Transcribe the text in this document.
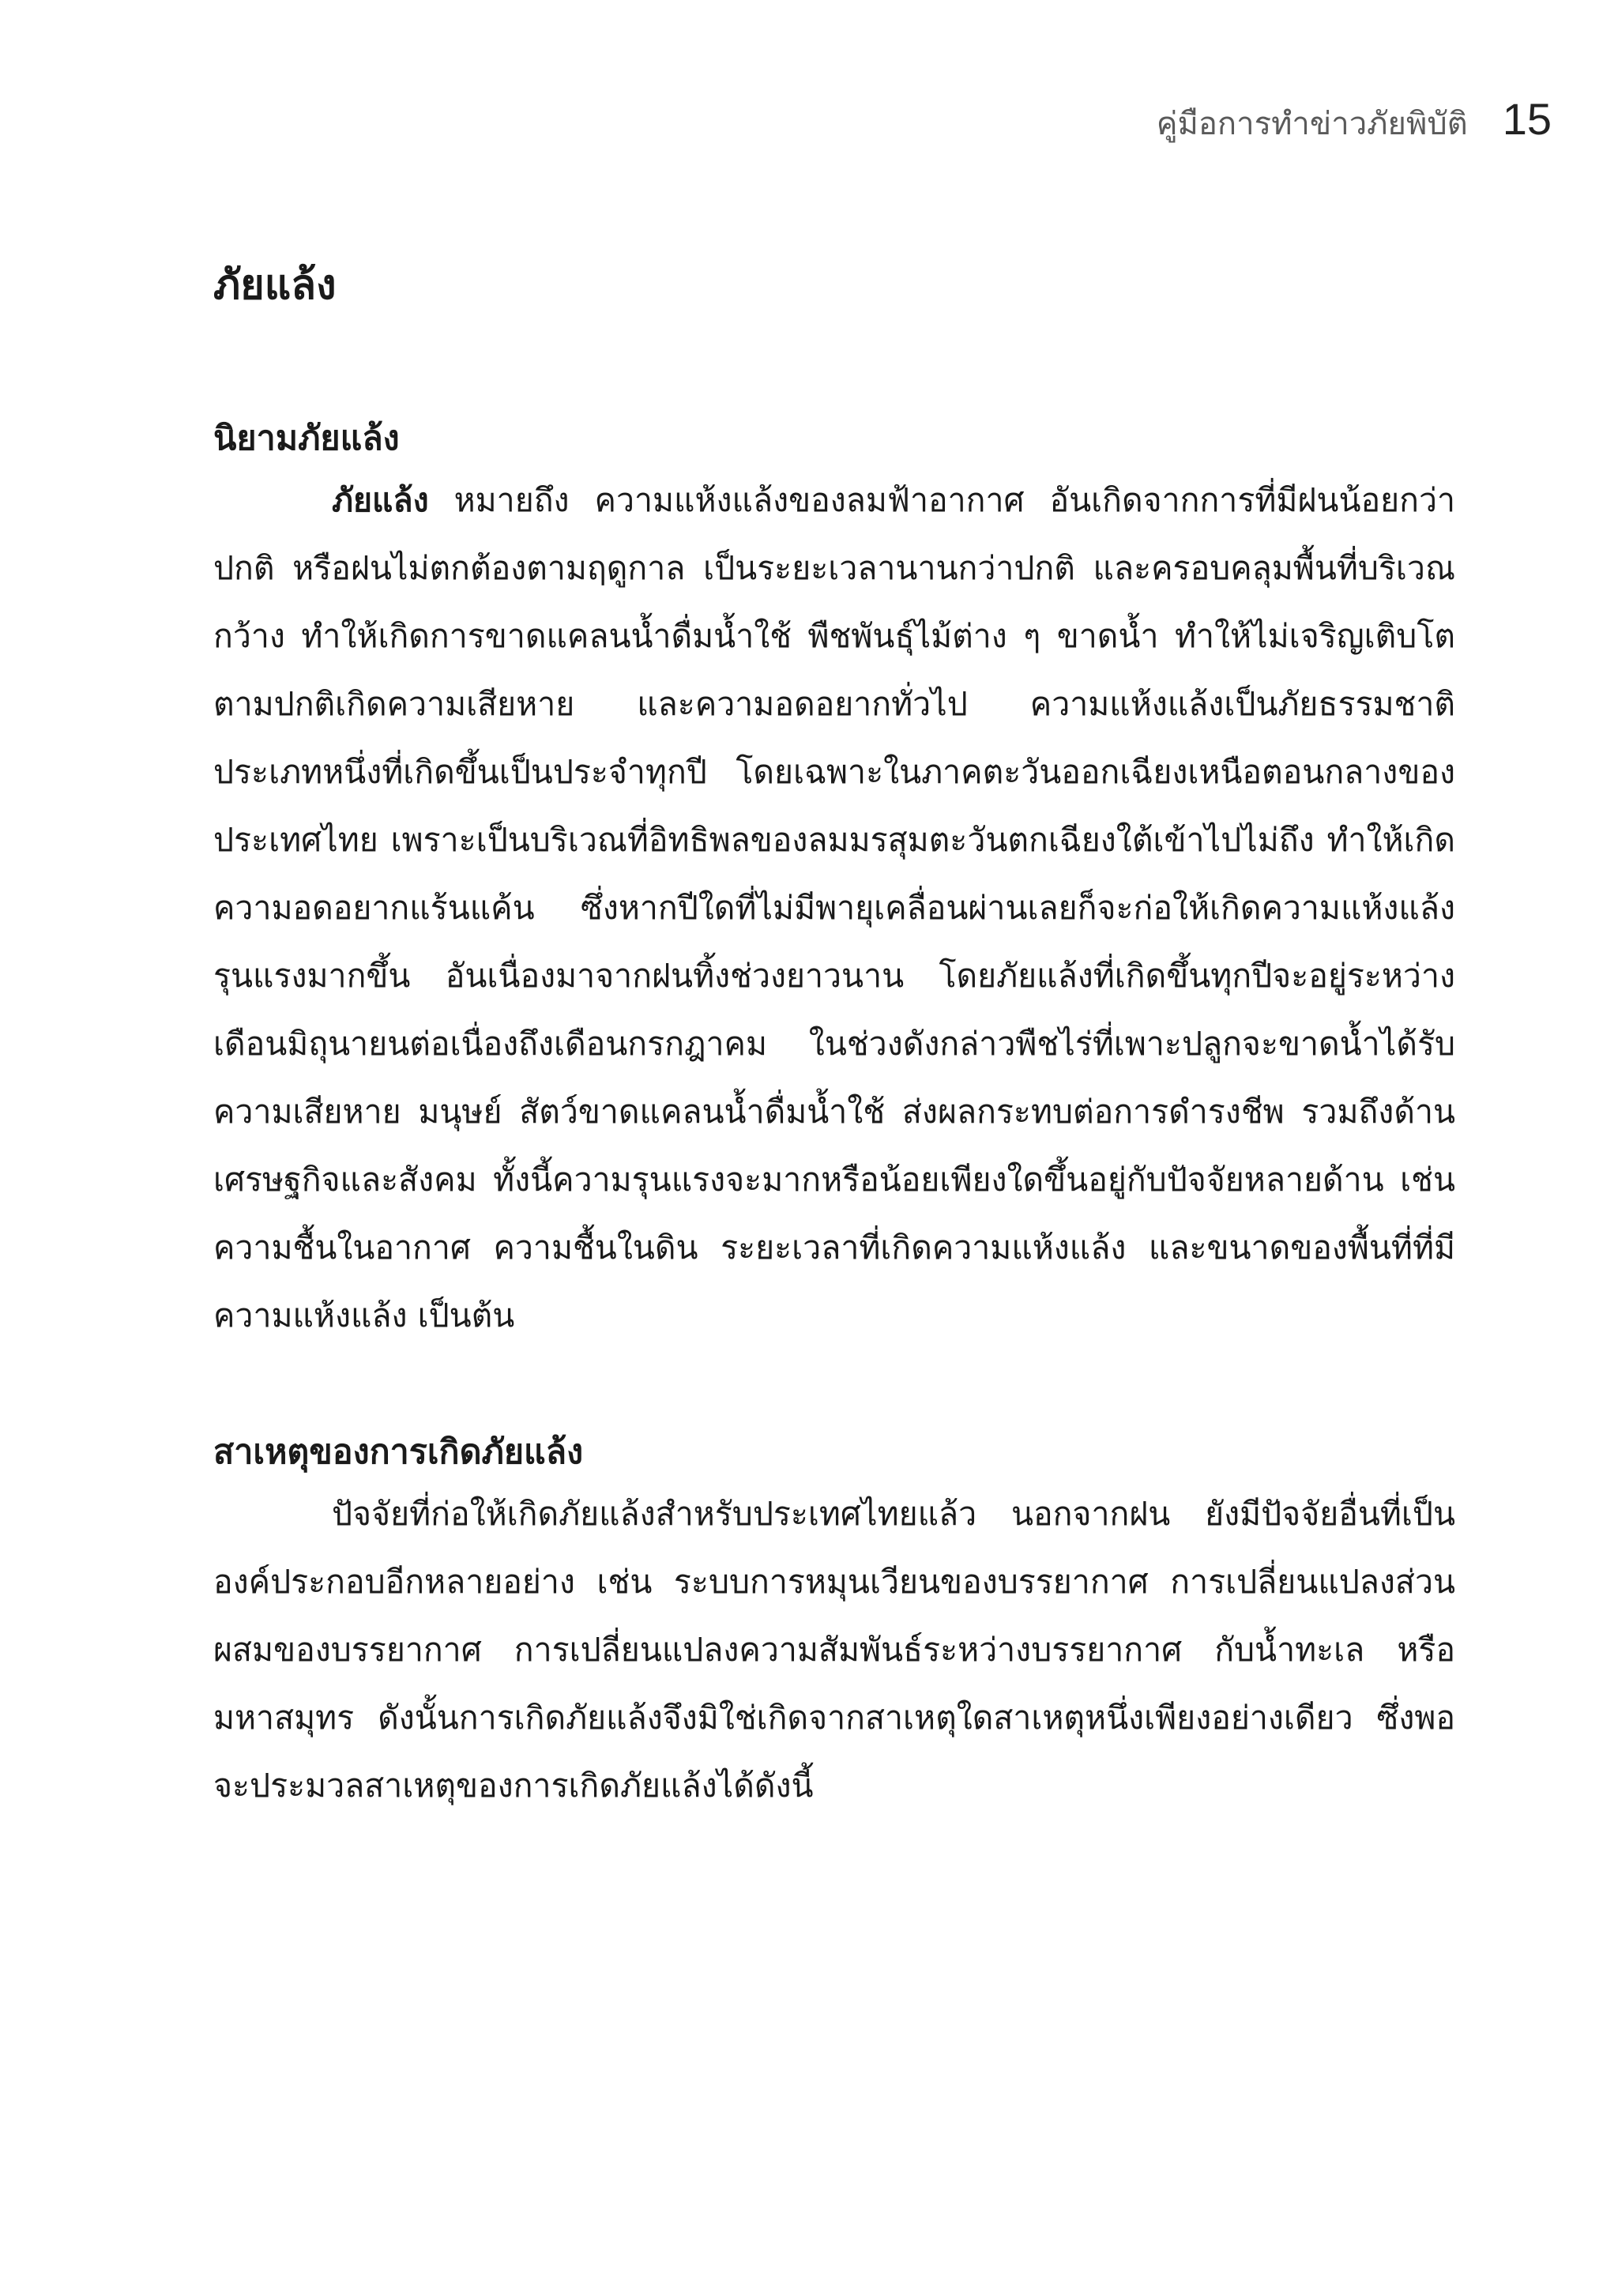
คู่มือการทำข่าวภัยพิบัติ 15
ภัยแล้ง
นิยามภัยแล้ง

ภัยแล้ง หมายถึง ความแห้งแล้งของลมฟ้าอากาศ อันเกิดจากการที่มีฝนน้อยกว่าปกติ หรือฝนไม่ตกต้องตามฤดูกาล เป็นระยะเวลานานกว่าปกติ และครอบคลุมพื้นที่บริเวณกว้าง ทำให้เกิดการขาดแคลนน้ำดื่มน้ำใช้ พืชพันธุ์ไม้ต่าง ๆ ขาดน้ำ ทำให้ไม่เจริญเติบโตตามปกติเกิดความเสียหาย และความอดอยากทั่วไป ความแห้งแล้งเป็นภัยธรรมชาติประเภทหนึ่งที่เกิดขึ้นเป็นประจำทุกปี โดยเฉพาะในภาคตะวันออกเฉียงเหนือตอนกลางของประเทศไทย เพราะเป็นบริเวณที่อิทธิพลของลมมรสุมตะวันตกเฉียงใต้เข้าไปไม่ถึง ทำให้เกิดความอดอยากแร้นแค้น ซึ่งหากปีใดที่ไม่มีพายุเคลื่อนผ่านเลยก็จะก่อให้เกิดความแห้งแล้งรุนแรงมากขึ้น อันเนื่องมาจากฝนทิ้งช่วงยาวนาน โดยภัยแล้งที่เกิดขึ้นทุกปีจะอยู่ระหว่างเดือนมิถุนายนต่อเนื่องถึงเดือนกรกฎาคม ในช่วงดังกล่าวพืชไร่ที่เพาะปลูกจะขาดน้ำได้รับความเสียหาย มนุษย์ สัตว์ขาดแคลนน้ำดื่มน้ำใช้ ส่งผลกระทบต่อการดำรงชีพ รวมถึงด้านเศรษฐกิจและสังคม ทั้งนี้ความรุนแรงจะมากหรือน้อยเพียงใดขึ้นอยู่กับปัจจัยหลายด้าน เช่น ความชื้นในอากาศ ความชื้นในดิน ระยะเวลาที่เกิดความแห้งแล้ง และขนาดของพื้นที่ที่มีความแห้งแล้ง เป็นต้น

สาเหตุของการเกิดภัยแล้ง

ปัจจัยที่ก่อให้เกิดภัยแล้งสำหรับประเทศไทยแล้ว นอกจากฝน ยังมีปัจจัยอื่นที่เป็นองค์ประกอบอีกหลายอย่าง เช่น ระบบการหมุนเวียนของบรรยากาศ การเปลี่ยนแปลงส่วนผสมของบรรยากาศ การเปลี่ยนแปลงความสัมพันธ์ระหว่างบรรยากาศ กับน้ำทะเล หรือมหาสมุทร ดังนั้นการเกิดภัยแล้งจึงมิใช่เกิดจากสาเหตุใดสาเหตุหนึ่งเพียงอย่างเดียว ซึ่งพอจะประมวลสาเหตุของการเกิดภัยแล้งได้ดังนี้
